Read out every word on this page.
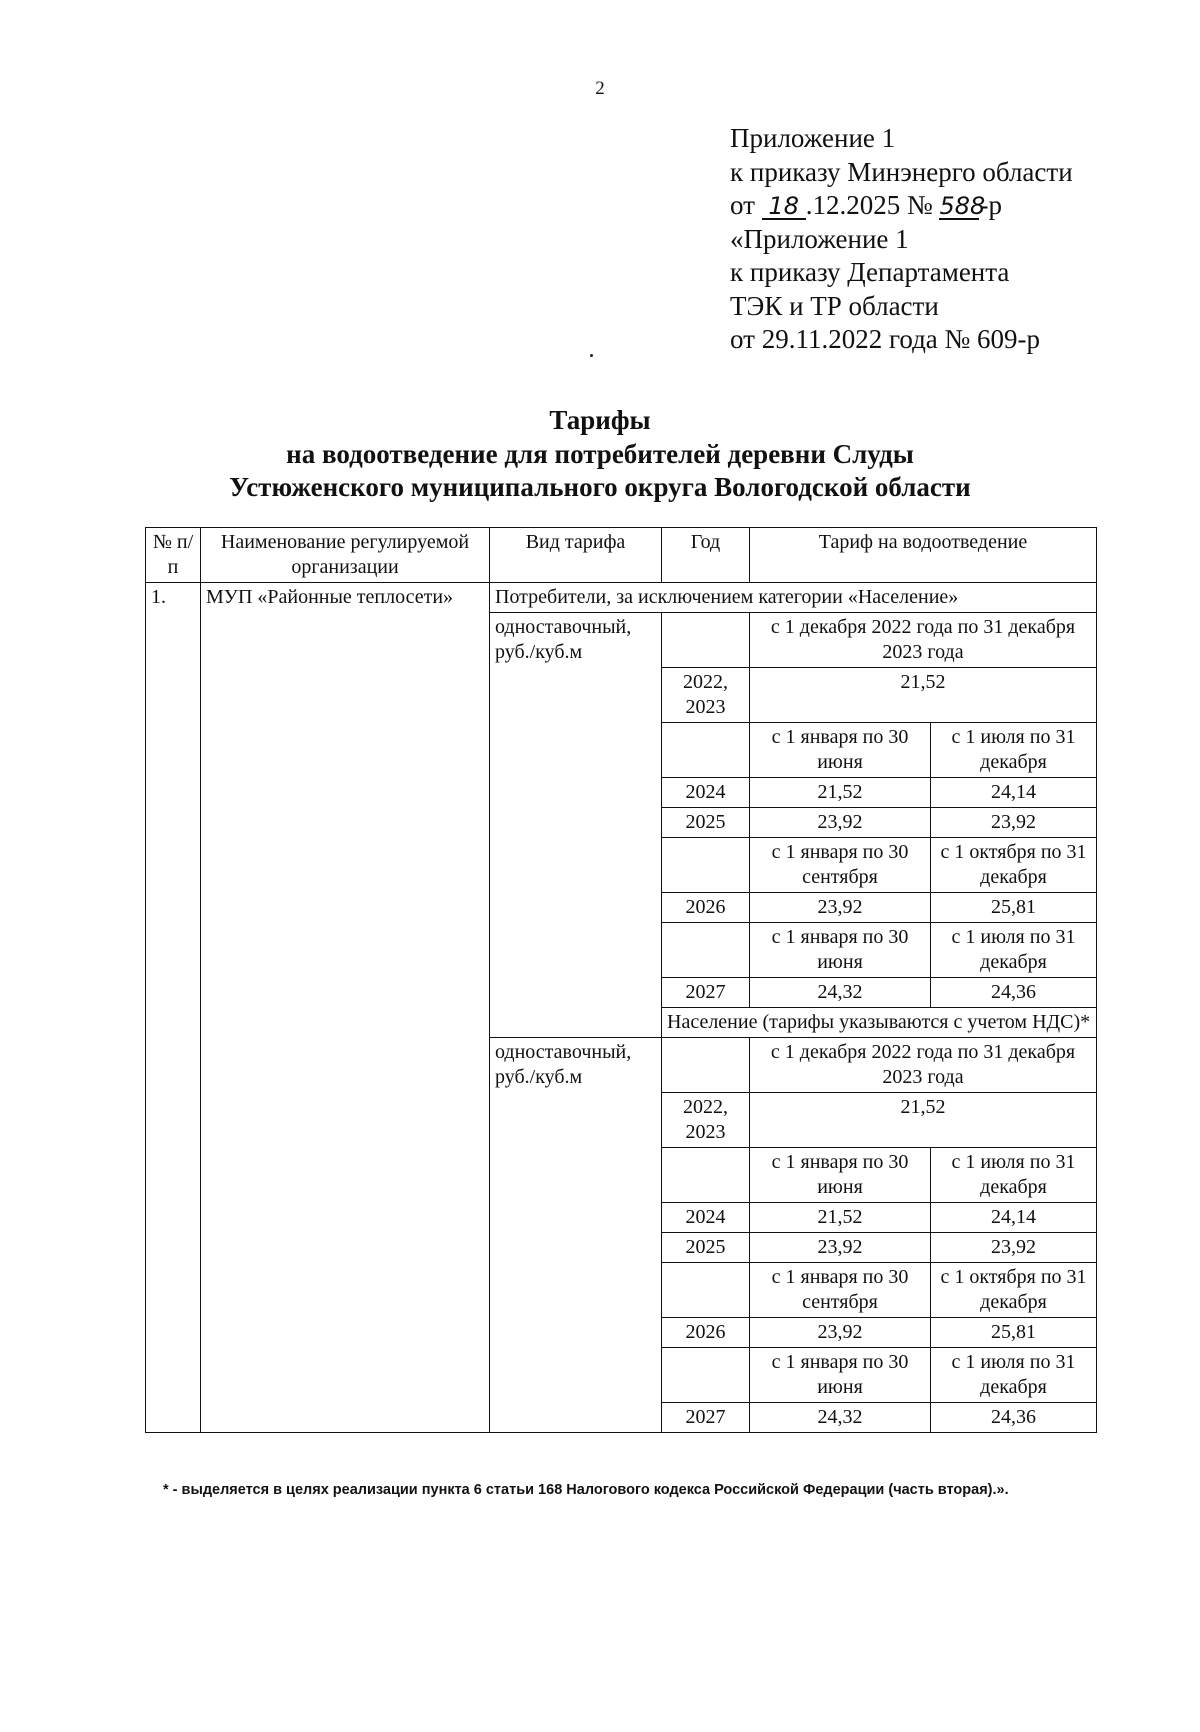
2
Приложение 1
к приказу Минэнерго области
от 18 .12.2025 № 588-р
«Приложение 1
к приказу Департамента
ТЭК и ТР области
от 29.11.2022 года № 609-р
Тарифы
на водоотведение для потребителей деревни Слуды
Устюженского муниципального округа Вологодской области
№ п/п	Наименование регулируемой организации	Вид тарифа	Год	Тариф на водоотведение	
1.	МУП «Районные теплосети»	Потребители, за исключением категории «Население»			
		одноставочный, руб./куб.м		с 1 декабря 2022 года по 31 декабря 2023 года	
			2022, 2023	21,52	
				с 1 января по 30 июня	с 1 июля по 31 декабря
			2024	21,52	24,14
			2025	23,92	23,92
				с 1 января по 30 сентября	с 1 октября по 31 декабря
			2026	23,92	25,81
				с 1 января по 30 июня	с 1 июля по 31 декабря
			2027	24,32	24,36
			Население (тарифы указываются с учетом НДС)*		
		одноставочный, руб./куб.м		с 1 декабря 2022 года по 31 декабря 2023 года	
			2022, 2023	21,52	
				с 1 января по 30 июня	с 1 июля по 31 декабря
			2024	21,52	24,14
			2025	23,92	23,92
				с 1 января по 30 сентября	с 1 октября по 31 декабря
			2026	23,92	25,81
				с 1 января по 30 июня	с 1 июля по 31 декабря
			2027	24,32	24,36
* - выделяется в целях реализации пункта 6 статьи 168 Налогового кодекса Российской Федерации (часть вторая).».
